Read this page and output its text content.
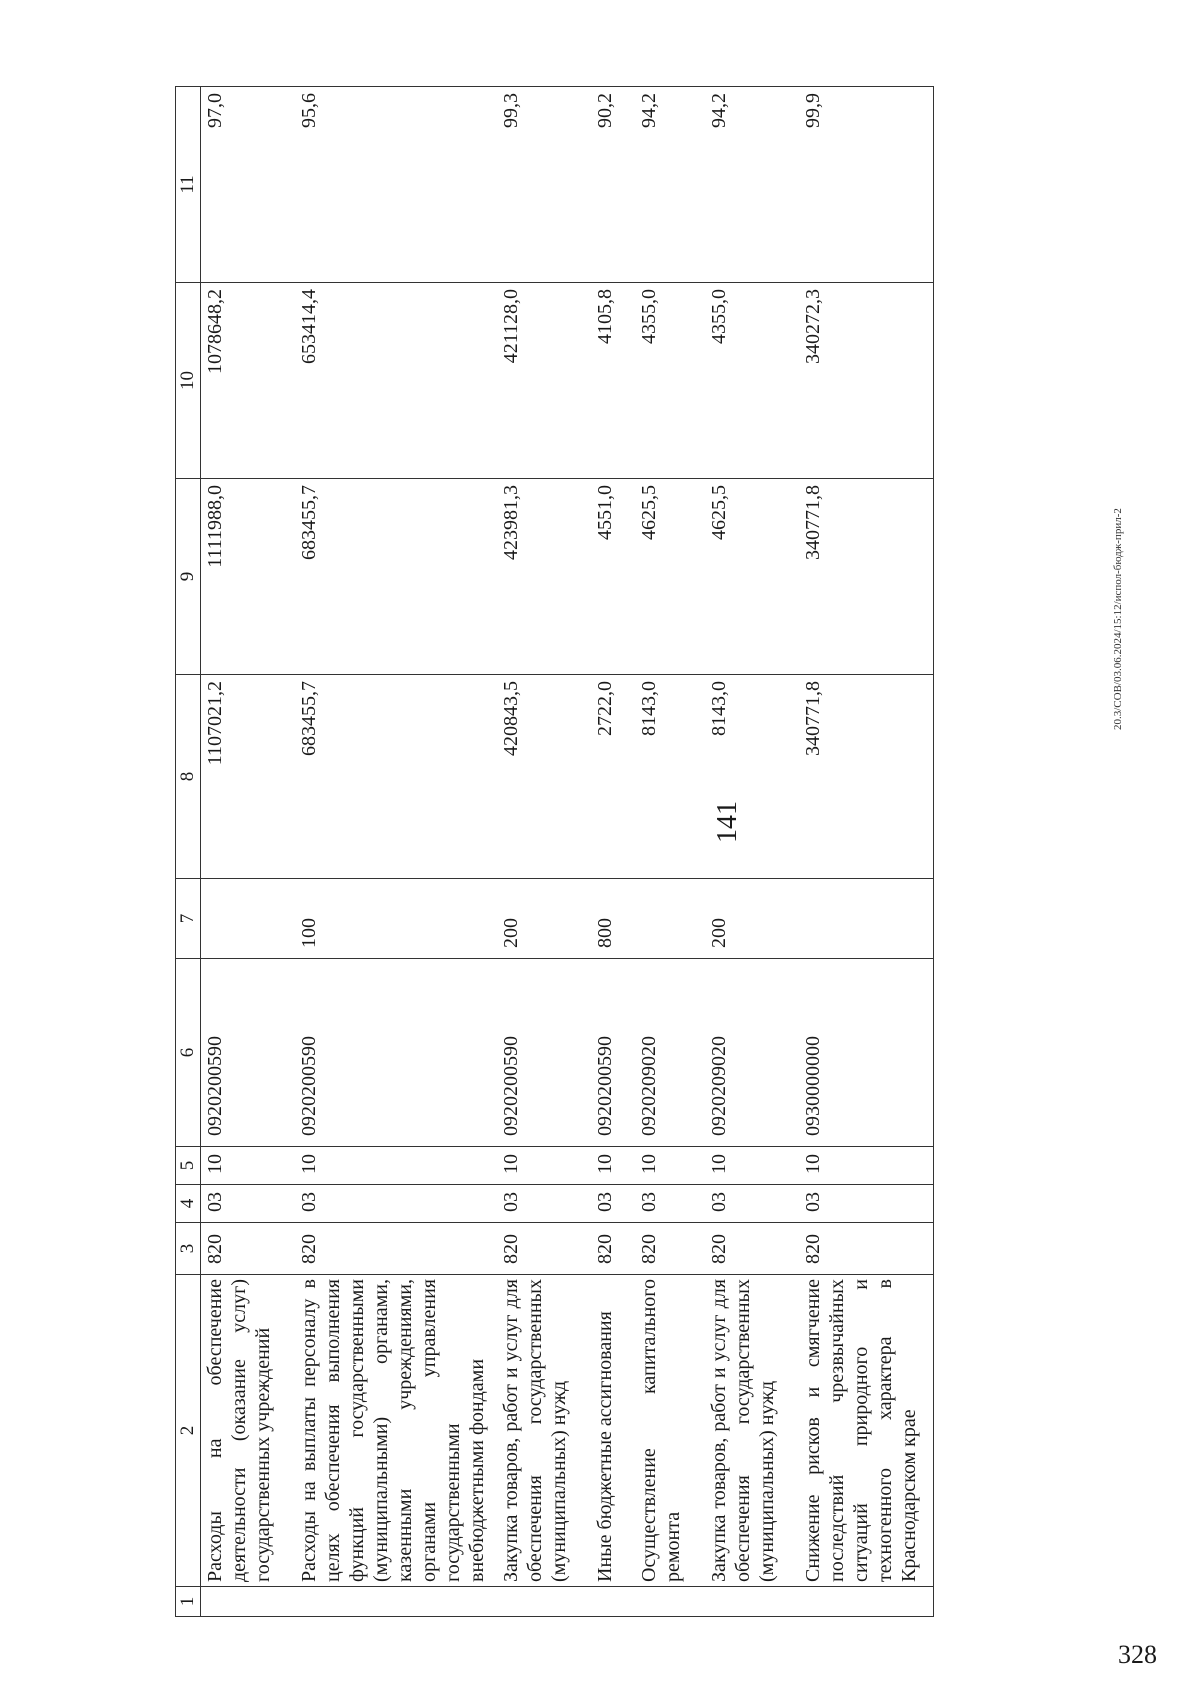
141
20.3/СОВ/03.06.2024/15:12/испол-бюдж-прил-2
328
1	2	3	4	5	6	7	8	9	10	11
	Расходы на обеспечение деятельности (оказание услуг) государственных учреждений	820	03	10	0920200590		1107021,2	1111988,0	1078648,2	97,0
	Расходы на выплаты персоналу в целях обеспечения выполнения функций государственными (муниципальными) органами, казенными учреждениями, органами управления государственными внебюджетными фондами	820	03	10	0920200590	100	683455,7	683455,7	653414,4	95,6
	Закупка товаров, работ и услуг для обеспечения государственных (муниципальных) нужд	820	03	10	0920200590	200	420843,5	423981,3	421128,0	99,3
	Иные бюджетные ассигнования	820	03	10	0920200590	800	2722,0	4551,0	4105,8	90,2
	Осуществление капитального ремонта	820	03	10	0920209020		8143,0	4625,5	4355,0	94,2
	Закупка товаров, работ и услуг для обеспечения государственных (муниципальных) нужд	820	03	10	0920209020	200	8143,0	4625,5	4355,0	94,2
	Снижение рисков и смягчение последствий чрезвычайных ситуаций природного и техногенного характера в Краснодарском крае	820	03	10	0930000000		340771,8	340771,8	340272,3	99,9
